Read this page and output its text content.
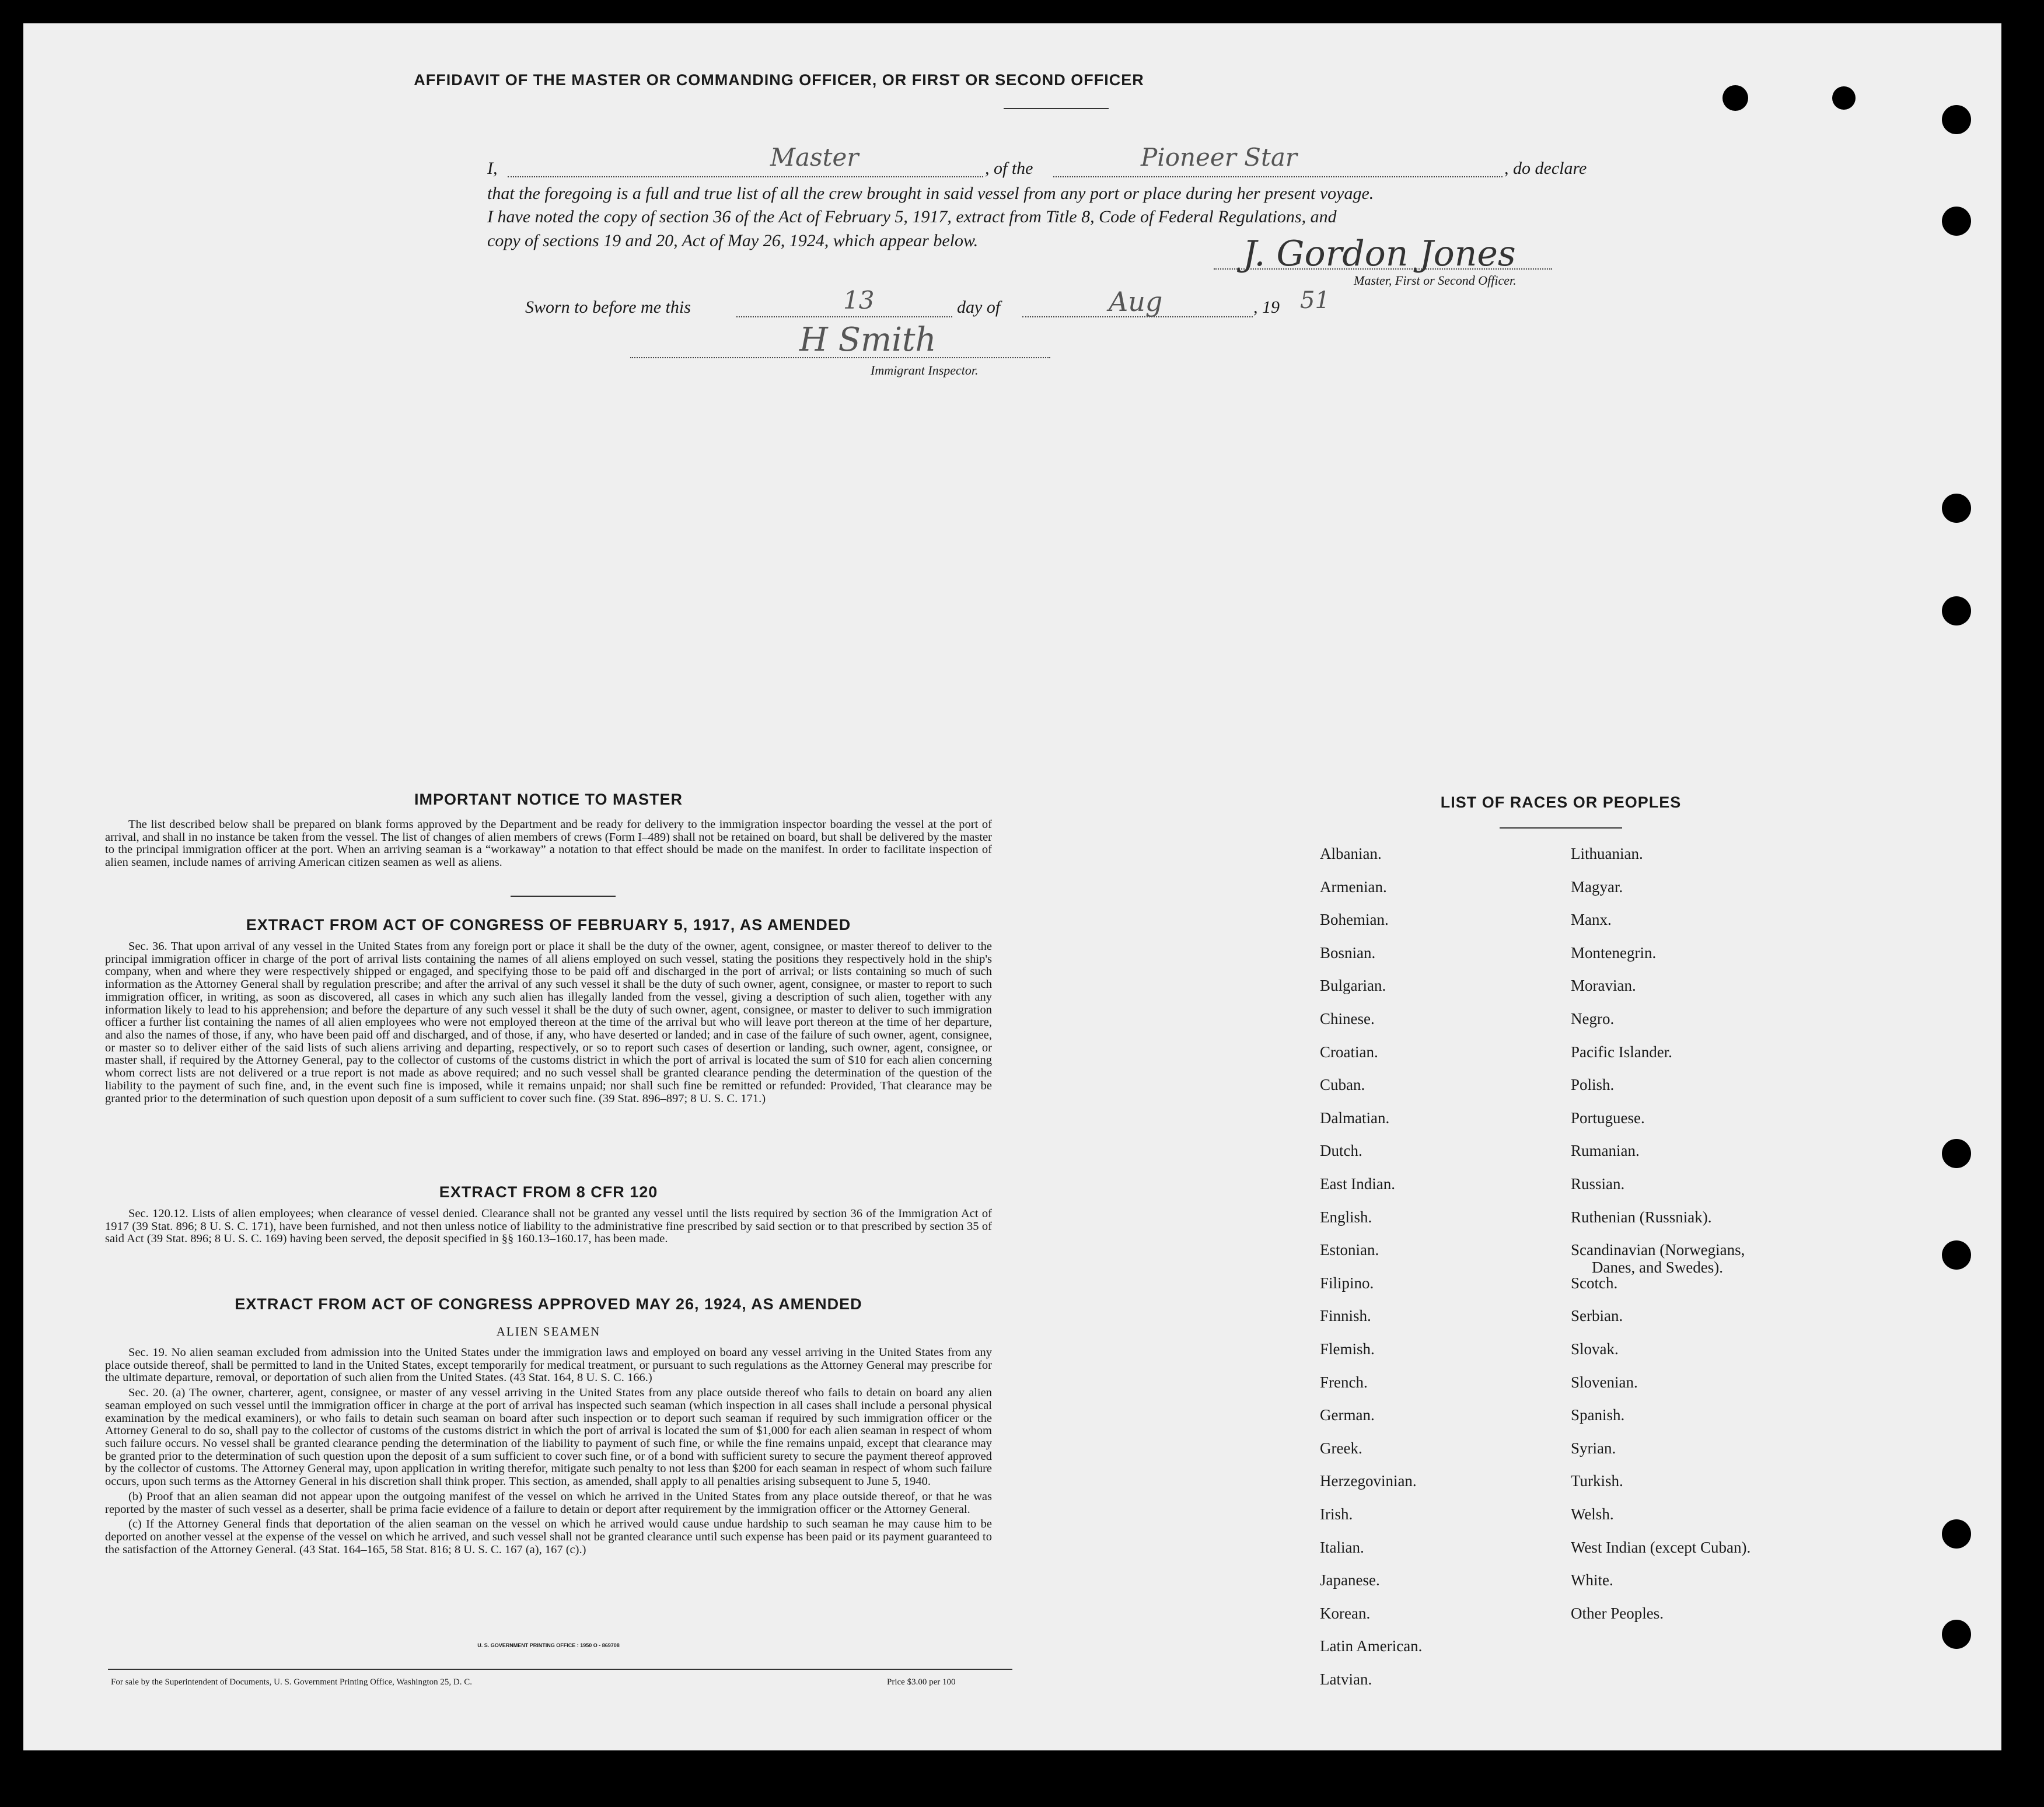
AFFIDAVIT OF THE MASTER OR COMMANDING OFFICER, OR FIRST OR SECOND OFFICER
I,	Master	, of the	Pioneer Star	, do declare
that the foregoing is a full and true list of all the crew brought in said vessel from any port or place during her present voyage.
I have noted the copy of section 36 of the Act of February 5, 1917, extract from Title 8, Code of Federal Regulations, and
copy of sections 19 and 20, Act of May 26, 1924, which appear below.	J. Gordon Jones
Master, First or Second Officer.
Sworn to before me this	13	day of	Aug	, 19 51
H Smith
Immigrant Inspector.
IMPORTANT NOTICE TO MASTER

The list described below shall be prepared on blank forms approved by the Department and be ready for delivery to the immigration inspector boarding the vessel at the port of arrival, and shall in no instance be taken from the vessel. The list of changes of alien members of crews (Form I–489) shall not be retained on board, but shall be delivered by the master to the principal immigration officer at the port. When an arriving seaman is a “workaway” a notation to that effect should be made on the manifest. In order to facilitate inspection of alien seamen, include names of arriving American citizen seamen as well as aliens.

EXTRACT FROM ACT OF CONGRESS OF FEBRUARY 5, 1917, AS AMENDED

Sec. 36. That upon arrival of any vessel in the United States from any foreign port or place it shall be the duty of the owner, agent, consignee, or master thereof to deliver to the principal immigration officer in charge of the port of arrival lists containing the names of all aliens employed on such vessel, stating the positions they respectively hold in the ship's company, when and where they were respectively shipped or engaged, and specifying those to be paid off and discharged in the port of arrival; or lists containing so much of such information as the Attorney General shall by regulation prescribe; and after the arrival of any such vessel it shall be the duty of such owner, agent, consignee, or master to report to such immigration officer, in writing, as soon as discovered, all cases in which any such alien has illegally landed from the vessel, giving a description of such alien, together with any information likely to lead to his apprehension; and before the departure of any such vessel it shall be the duty of such owner, agent, consignee, or master to deliver to such immigration officer a further list containing the names of all alien employees who were not employed thereon at the time of the arrival but who will leave port thereon at the time of her departure, and also the names of those, if any, who have been paid off and discharged, and of those, if any, who have deserted or landed; and in case of the failure of such owner, agent, consignee, or master so to deliver either of the said lists of such aliens arriving and departing, respectively, or so to report such cases of desertion or landing, such owner, agent, consignee, or master shall, if required by the Attorney General, pay to the collector of customs of the customs district in which the port of arrival is located the sum of $10 for each alien concerning whom correct lists are not delivered or a true report is not made as above required; and no such vessel shall be granted clearance pending the determination of the question of the liability to the payment of such fine, and, in the event such fine is imposed, while it remains unpaid; nor shall such fine be remitted or refunded: Provided, That clearance may be granted prior to the determination of such question upon deposit of a sum sufficient to cover such fine. (39 Stat. 896–897; 8 U. S. C. 171.)

EXTRACT FROM 8 CFR 120

Sec. 120.12. Lists of alien employees; when clearance of vessel denied. Clearance shall not be granted any vessel until the lists required by section 36 of the Immigration Act of 1917 (39 Stat. 896; 8 U. S. C. 171), have been furnished, and not then unless notice of liability to the administrative fine prescribed by said section or to that prescribed by section 35 of said Act (39 Stat. 896; 8 U. S. C. 169) having been served, the deposit specified in §§ 160.13–160.17, has been made.

EXTRACT FROM ACT OF CONGRESS APPROVED MAY 26, 1924, AS AMENDED
ALIEN SEAMEN

Sec. 19. No alien seaman excluded from admission into the United States under the immigration laws and employed on board any vessel arriving in the United States from any place outside thereof, shall be permitted to land in the United States, except temporarily for medical treatment, or pursuant to such regulations as the Attorney General may prescribe for the ultimate departure, removal, or deportation of such alien from the United States. (43 Stat. 164, 8 U. S. C. 166.)

Sec. 20. (a) The owner, charterer, agent, consignee, or master of any vessel arriving in the United States from any place outside thereof who fails to detain on board any alien seaman employed on such vessel until the immigration officer in charge at the port of arrival has inspected such seaman (which inspection in all cases shall include a personal physical examination by the medical examiners), or who fails to detain such seaman on board after such inspection or to deport such seaman if required by such immigration officer or the Attorney General to do so, shall pay to the collector of customs of the customs district in which the port of arrival is located the sum of $1,000 for each alien seaman in respect of whom such failure occurs. No vessel shall be granted clearance pending the determination of the liability to payment of such fine, or while the fine remains unpaid, except that clearance may be granted prior to the determination of such question upon the deposit of a sum sufficient to cover such fine, or of a bond with sufficient surety to secure the payment thereof approved by the collector of customs. The Attorney General may, upon application in writing therefor, mitigate such penalty to not less than $200 for each seaman in respect of whom such failure occurs, upon such terms as the Attorney General in his discretion shall think proper. This section, as amended, shall apply to all penalties arising subsequent to June 5, 1940.

(b) Proof that an alien seaman did not appear upon the outgoing manifest of the vessel on which he arrived in the United States from any place outside thereof, or that he was reported by the master of such vessel as a deserter, shall be prima facie evidence of a failure to detain or deport after requirement by the immigration officer or the Attorney General.

(c) If the Attorney General finds that deportation of the alien seaman on the vessel on which he arrived would cause undue hardship to such seaman he may cause him to be deported on another vessel at the expense of the vessel on which he arrived, and such vessel shall not be granted clearance until such expense has been paid or its payment guaranteed to the satisfaction of the Attorney General. (43 Stat. 164–165, 58 Stat. 816; 8 U. S. C. 167 (a), 167 (c).)

U. S. GOVERNMENT PRINTING OFFICE : 1950 O - 869708
For sale by the Superintendent of Documents, U. S. Government Printing Office, Washington 25, D. C.	Price $3.00 per 100
LIST OF RACES OR PEOPLES
Albanian.
Armenian.
Bohemian.
Bosnian.
Bulgarian.
Chinese.
Croatian.
Cuban.
Dalmatian.
Dutch.
East Indian.
English.
Estonian.
Filipino.
Finnish.
Flemish.
French.
German.
Greek.
Herzegovinian.
Irish.
Italian.
Japanese.
Korean.
Latin American.
Latvian.
Lithuanian.
Magyar.
Manx.
Montenegrin.
Moravian.
Negro.
Pacific Islander.
Polish.
Portuguese.
Rumanian.
Russian.
Ruthenian (Russniak).
Scandinavian (Norwegians,
Danes, and Swedes).
Scotch.
Serbian.
Slovak.
Slovenian.
Spanish.
Syrian.
Turkish.
Welsh.
West Indian (except Cuban).
White.
Other Peoples.
